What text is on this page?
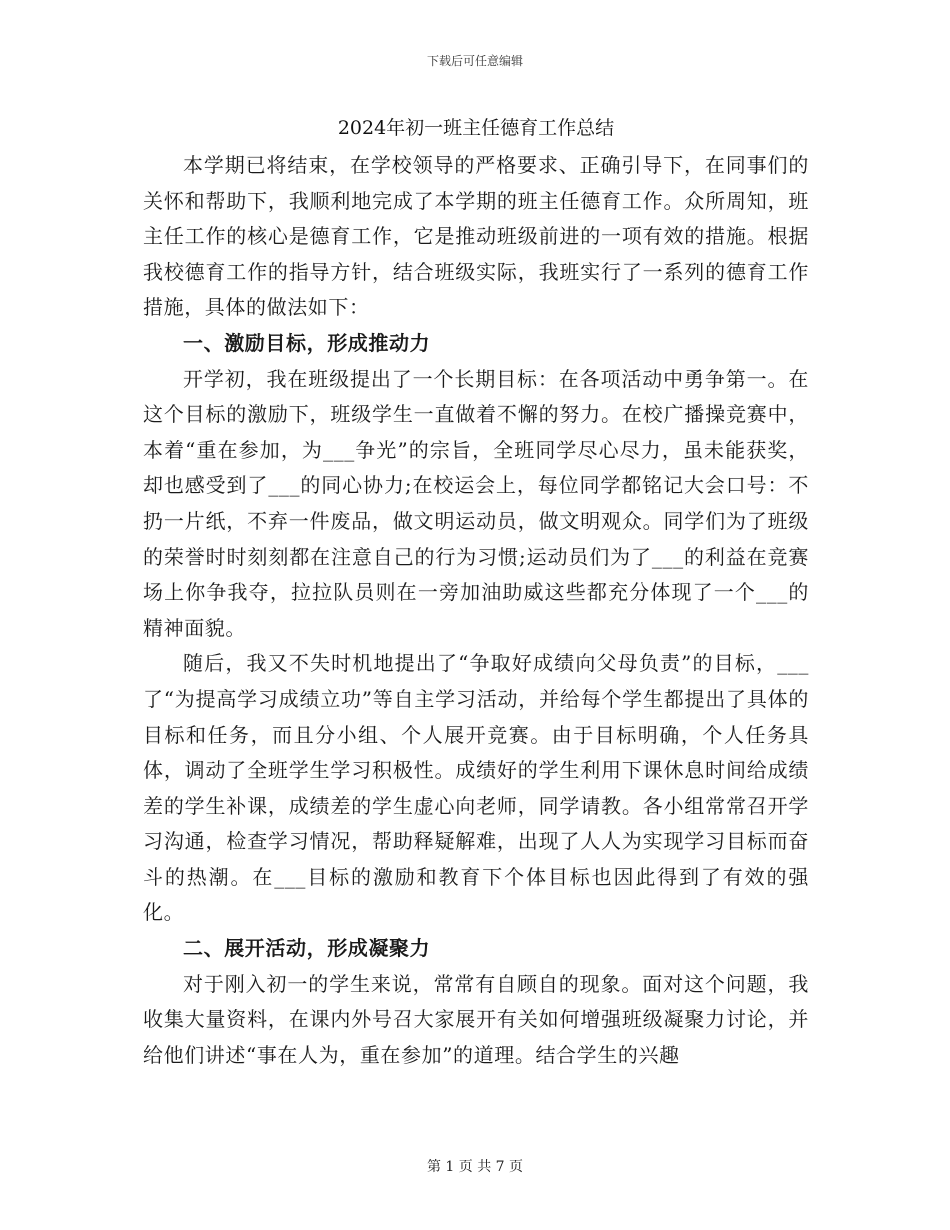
下载后可任意编辑
2024年初一班主任德育工作总结

本学期已将结束，在学校领导的严格要求、正确引导下，在同事们的关怀和帮助下，我顺利地完成了本学期的班主任德育工作。众所周知，班主任工作的核心是德育工作，它是推动班级前进的一项有效的措施。根据我校德育工作的指导方针，结合班级实际，我班实行了一系列的德育工作措施，具体的做法如下：

一、激励目标，形成推动力

开学初，我在班级提出了一个长期目标：在各项活动中勇争第一。在这个目标的激励下，班级学生一直做着不懈的努力。在校广播操竞赛中，本着“重在参加，为___争光”的宗旨，全班同学尽心尽力，虽未能获奖，却也感受到了___的同心协力;在校运会上，每位同学都铭记大会口号：不扔一片纸，不弃一件废品，做文明运动员，做文明观众。同学们为了班级的荣誉时时刻刻都在注意自己的行为习惯;运动员们为了___的利益在竞赛场上你争我夺，拉拉队员则在一旁加油助威这些都充分体现了一个___的精神面貌。

随后，我又不失时机地提出了“争取好成绩向父母负责”的目标，___了“为提高学习成绩立功”等自主学习活动，并给每个学生都提出了具体的目标和任务，而且分小组、个人展开竞赛。由于目标明确，个人任务具体，调动了全班学生学习积极性。成绩好的学生利用下课休息时间给成绩差的学生补课，成绩差的学生虚心向老师，同学请教。各小组常常召开学习沟通，检查学习情况，帮助释疑解难，出现了人人为实现学习目标而奋斗的热潮。在___目标的激励和教育下个体目标也因此得到了有效的强化。

二、展开活动，形成凝聚力

对于刚入初一的学生来说，常常有自顾自的现象。面对这个问题，我收集大量资料，在课内外号召大家展开有关如何增强班级凝聚力讨论，并给他们讲述“事在人为，重在参加”的道理。结合学生的兴趣

第 1 页 共 7 页
